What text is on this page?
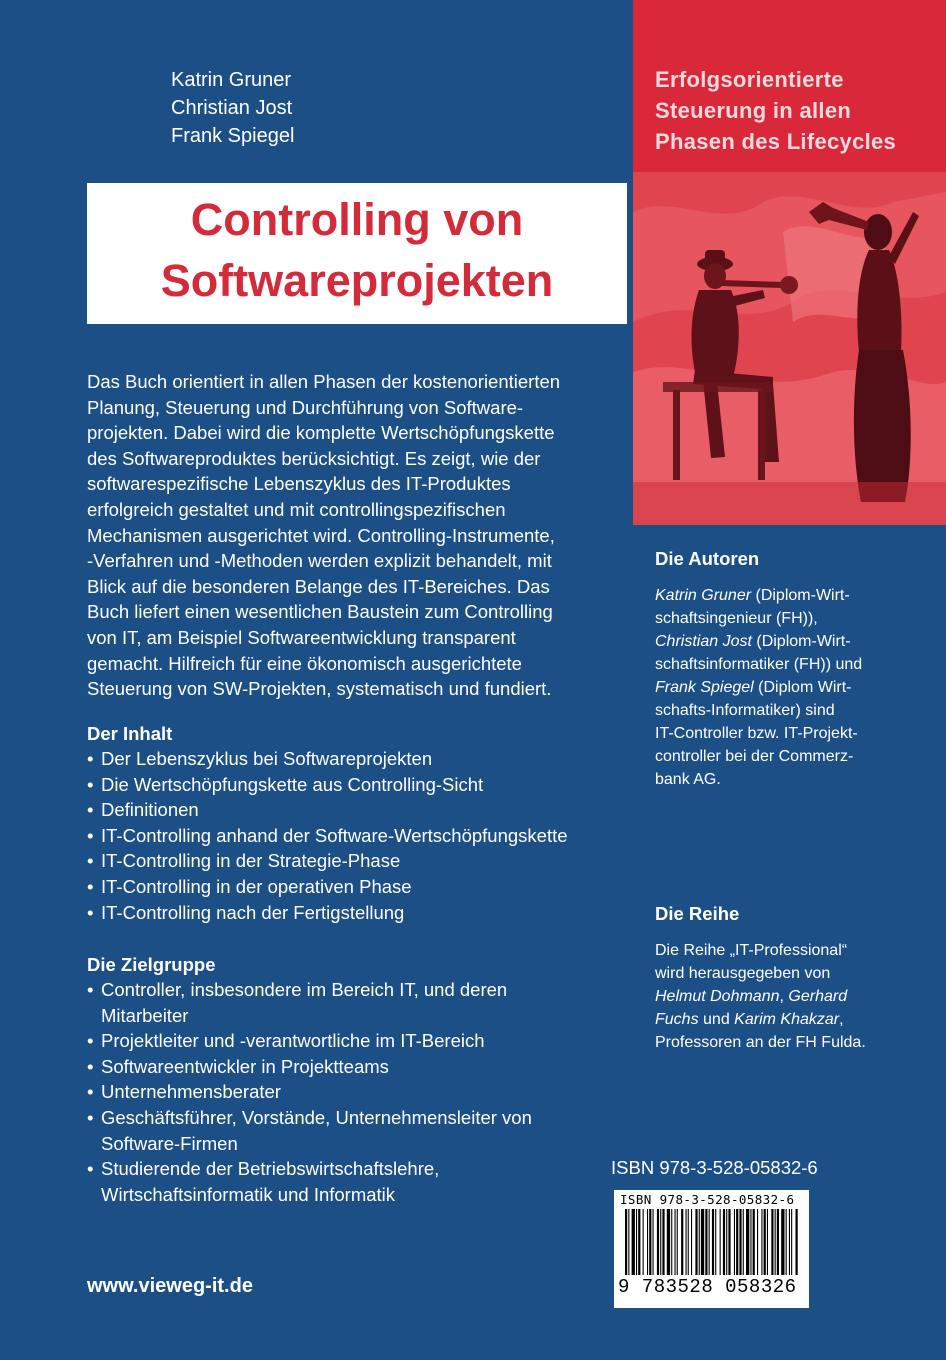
Katrin Gruner
Christian Jost
Frank Spiegel
Controlling von
Softwareprojekten
Erfolgsorientierte
Steuerung in allen
Phasen des Lifecycles
Das Buch orientiert in allen Phasen der kostenorientierten
Planung, Steuerung und Durchführung von Software-
projekten. Dabei wird die komplette Wertschöpfungskette
des Softwareproduktes berücksichtigt. Es zeigt, wie der
softwarespezifische Lebenszyklus des IT-Produktes
erfolgreich gestaltet und mit controllingspezifischen
Mechanismen ausgerichtet wird. Controlling-Instrumente,
-Verfahren und -Methoden werden explizit behandelt, mit
Blick auf die besonderen Belange des IT-Bereiches. Das
Buch liefert einen wesentlichen Baustein zum Controlling
von IT, am Beispiel Softwareentwicklung transparent
gemacht. Hilfreich für eine ökonomisch ausgerichtete
Steuerung von SW-Projekten, systematisch und fundiert.
Der Inhalt
• Der Lebenszyklus bei Softwareprojekten
• Die Wertschöpfungskette aus Controlling-Sicht
• Definitionen
• IT-Controlling anhand der Software-Wertschöpfungskette
• IT-Controlling in der Strategie-Phase
• IT-Controlling in der operativen Phase
• IT-Controlling nach der Fertigstellung
Die Zielgruppe
• Controller, insbesondere im Bereich IT, und deren
Mitarbeiter
• Projektleiter und -verantwortliche im IT-Bereich
• Softwareentwickler in Projektteams
• Unternehmensberater
• Geschäftsführer, Vorstände, Unternehmensleiter von
Software-Firmen
• Studierende der Betriebswirtschaftslehre,
Wirtschaftsinformatik und Informatik
Die Autoren
Katrin Gruner (Diplom-Wirt-
schaftsingenieur (FH)),
Christian Jost (Diplom-Wirt-
schaftsinformatiker (FH)) und
Frank Spiegel (Diplom Wirt-
schafts-Informatiker) sind
IT-Controller bzw. IT-Projekt-
controller bei der Commerz-
bank AG.
Die Reihe
Die Reihe „IT-Professional“
wird herausgegeben von
Helmut Dohmann, Gerhard
Fuchs und Karim Khakzar,
Professoren an der FH Fulda.
ISBN 978-3-528-05832-6
ISBN 978-3-528-05832-6
9 783528 058326
www.vieweg-it.de
